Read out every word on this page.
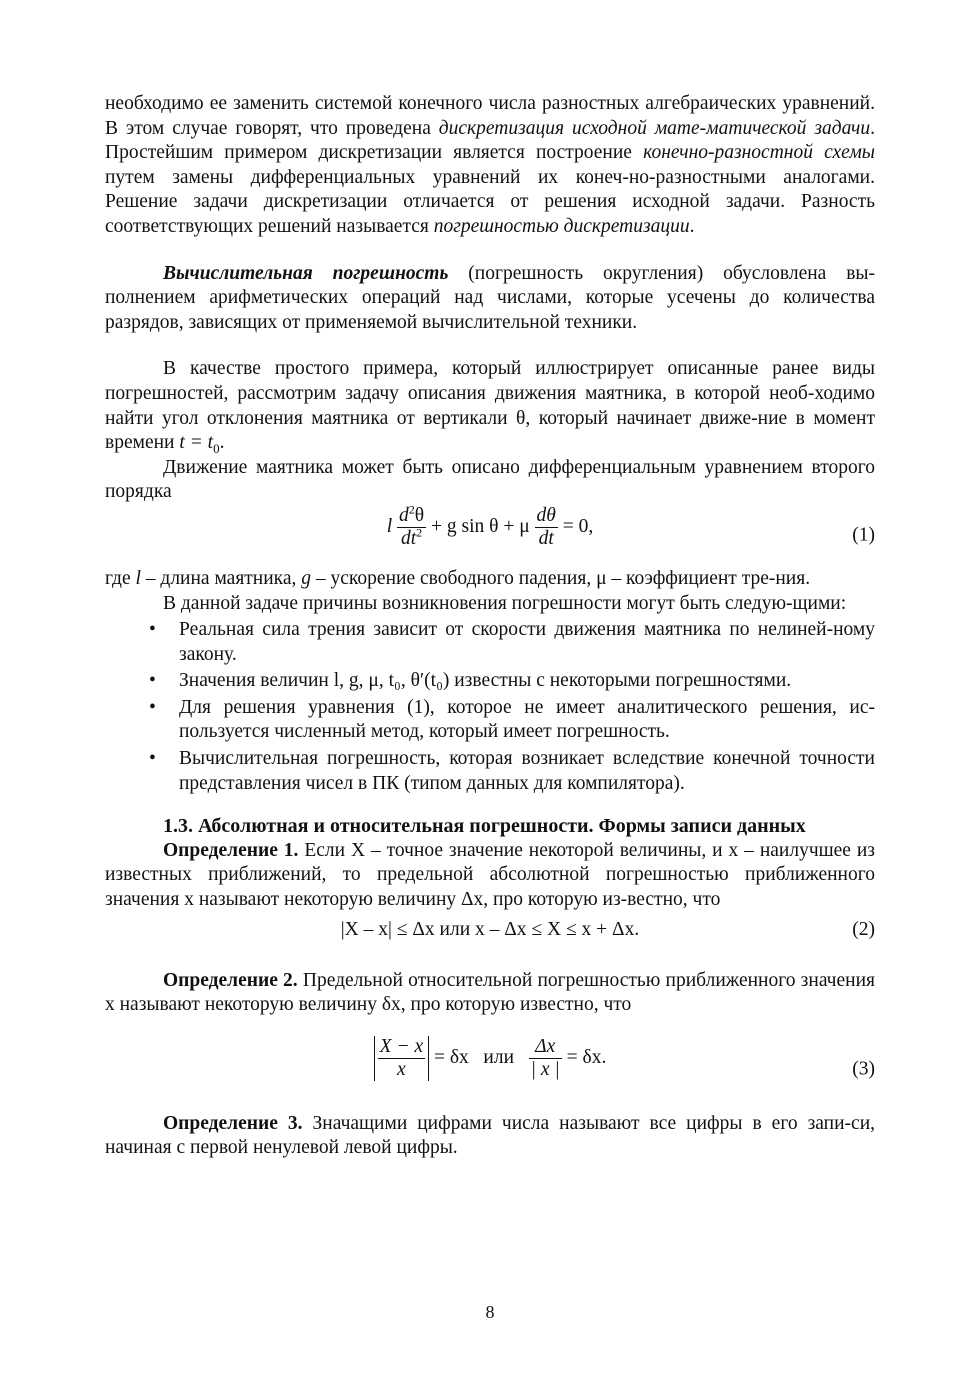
необходимо ее заменить системой конечного числа разностных алгебраических уравнений. В этом случае говорят, что проведена дискретизация исходной мате-матической задачи. Простейшим примером дискретизации является построение конечно-разностной схемы путем замены дифференциальных уравнений их конеч-но-разностными аналогами. Решение задачи дискретизации отличается от решения исходной задачи. Разность соответствующих решений называется погрешностью дискретизации.

Вычислительная погрешность (погрешность округления) обусловлена вы-полнением арифметических операций над числами, которые усечены до количества разрядов, зависящих от применяемой вычислительной техники.

В качестве простого примера, который иллюстрирует описанные ранее виды погрешностей, рассмотрим задачу описания движения маятника, в которой необ-ходимо найти угол отклонения маятника от вертикали θ, который начинает движе-ние в момент времени $t = t_0$.

Движение маятника может быть описано дифференциальным уравнением второго порядка

l $\frac{d^2\theta}{dt^2} + g$ sin θ + μ $\frac{d\theta}{dt} = 0$,	(1)

где l – длина маятника, g – ускорение свободного падения, μ – коэффициент тре-ния.

В данной задаче причины возникновения погрешности могут быть следую-щими:

• Реальная сила трения зависит от скорости движения маятника по нелиней-ному закону.
• Значения величин l, g, μ, t₀, θ′(t₀) известны с некоторыми погрешностями.
• Для решения уравнения (1), которое не имеет аналитического решения, ис-пользуется численный метод, который имеет погрешность.
• Вычислительная погрешность, которая возникает вследствие конечной точности представления чисел в ПК (типом данных для компилятора).
1.3. Абсолютная и относительная погрешности. Формы записи данных

Определение 1. Если X – точное значение некоторой величины, и x – наилучшее из известных приближений, то предельной абсолютной погрешностью приближенного значения x называют некоторую величину Δx, про которую из-вестно, что

|X – x| ≤ Δx или x – Δx ≤ X ≤ x + Δx.	(2)

Определение 2. Предельной относительной погрешностью приближенного значения x называют некоторую величину δx, про которую известно, что

$\frac{X - x}{x} = \delta x$ или $\frac{\Delta x}{| x |} = \delta x$.
(3)

Определение 3. Значащими цифрами числа называют все цифры в его запи-си, начиная с первой ненулевой левой цифры.

8
